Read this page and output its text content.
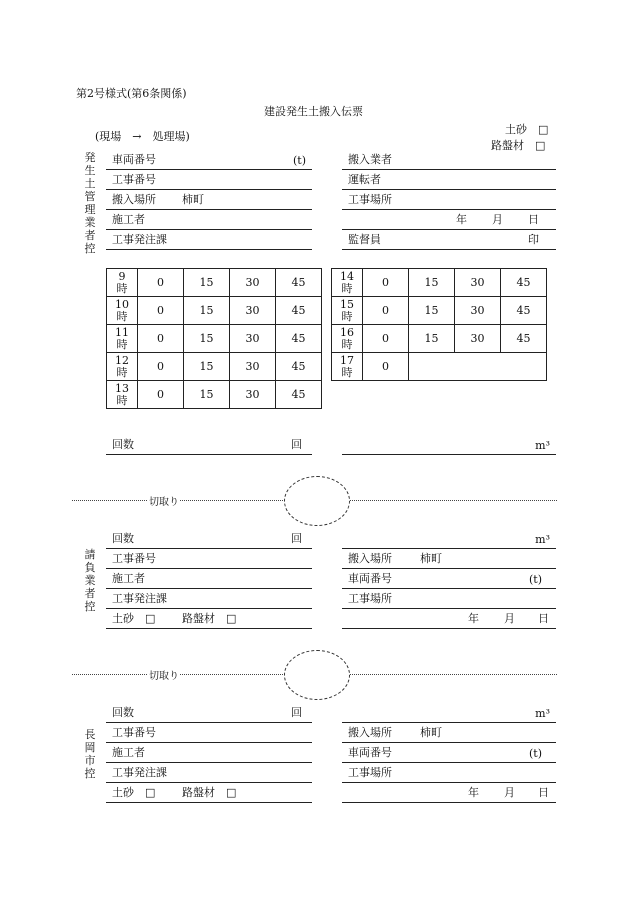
第2号様式(第6条関係)
建設発生土搬入伝票
(現場　→　処理場)
土砂　□
路盤材　□
発生土管理業者控
車両番号	(t)
工事番号
搬入場所 柿町
施工者
工事発注課
搬入業者
運転者
工事場所
年 月 日
監督員	印
9
時	0	15	30	45

10
時	0	15	30	45

11
時	0	15	30	45

12
時	0	15	30	45

13
時	0	15	30	45
14
時	0	15	30	45

15
時	0	15	30	45

16
時	0	15	30	45

17
時	0			
回数	回	m³
切取り
請負業者控
回数	回	m³
工事番号
施工者
工事発注課
土砂　□ 路盤材　□
搬入場所	柿町
車両番号	(t)
工事場所
年 月 日
切取り
長岡市控
回数	回	m³
工事番号
施工者
工事発注課
土砂　□ 路盤材　□
搬入場所	柿町
車両番号	(t)
工事場所
年 月 日
